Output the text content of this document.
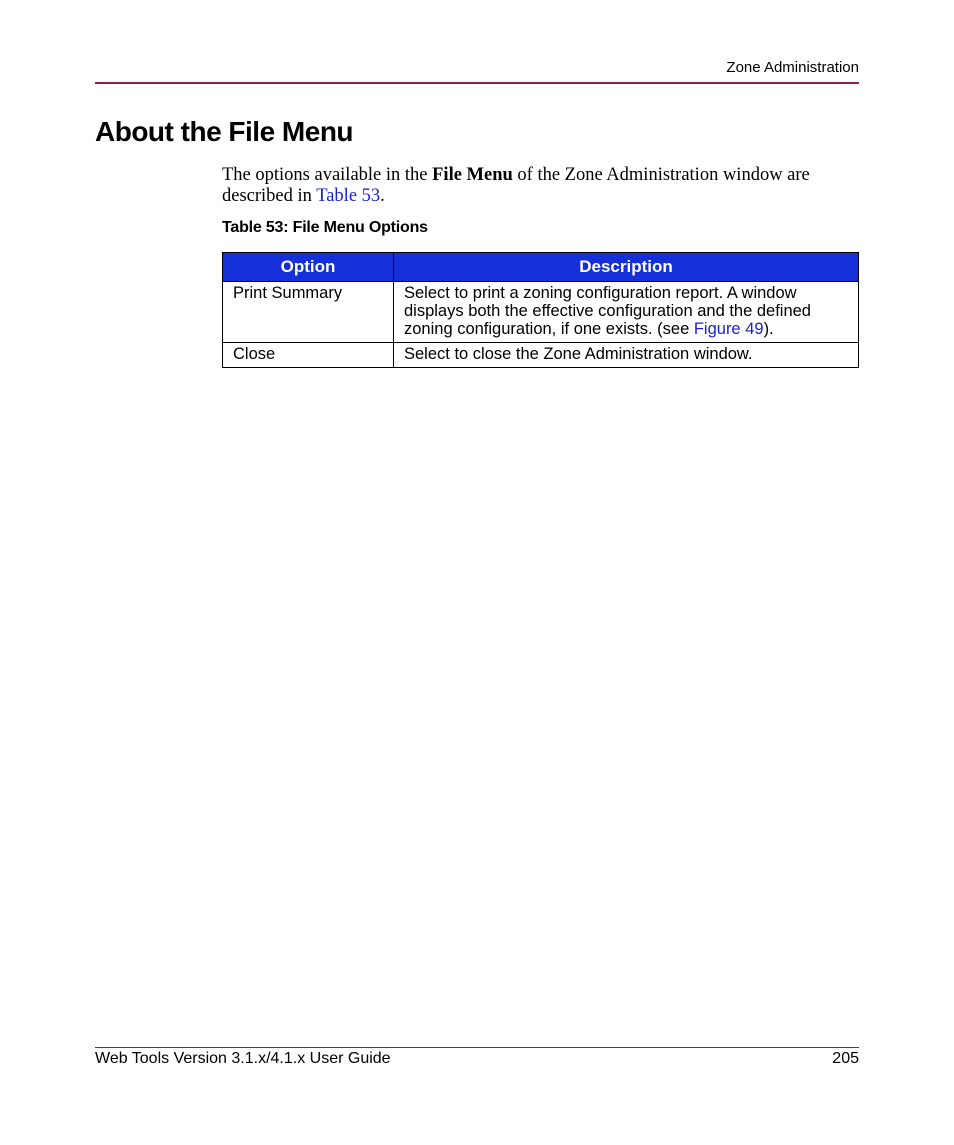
Zone Administration
About the File Menu

The options available in the File Menu of the Zone Administration window are described in Table 53.

Table 53: File Menu Options
Option	Description
Print Summary	Select to print a zoning configuration report. A window displays both the effective configuration and the defined zoning configuration, if one exists. (see Figure 49).
Close	Select to close the Zone Administration window.
Web Tools Version 3.1.x/4.1.x User Guide	205
